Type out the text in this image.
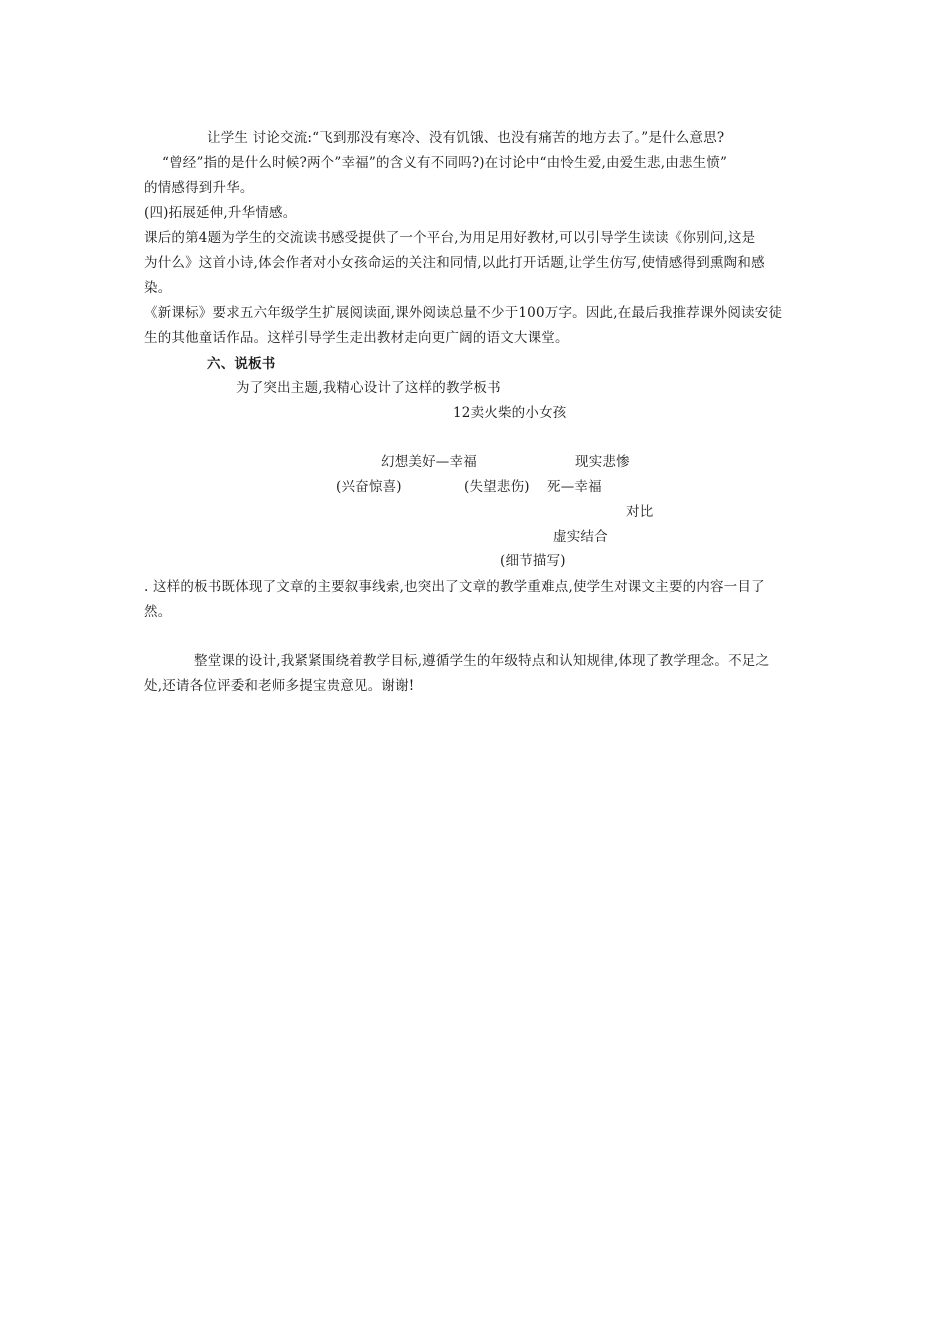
让学生 讨论交流:“飞到那没有寒冷、没有饥饿、也没有痛苦的地方去了。”是什么意思?
“曾经”指的是什么时候?两个”幸福”的含义有不同吗?)在讨论中“由怜生爱,由爱生悲,由悲生愤”
的情感得到升华。
(四)拓展延伸,升华情感。
课后的第4题为学生的交流读书感受提供了一个平台,为用足用好教材,可以引导学生读读《你别问,这是
为什么》这首小诗,体会作者对小女孩命运的关注和同情,以此打开话题,让学生仿写,使情感得到熏陶和感
染。
《新课标》要求五六年级学生扩展阅读面,课外阅读总量不少于100万字。因此,在最后我推荐课外阅读安徒
生的其他童话作品。这样引导学生走出教材走向更广阔的语文大课堂。
六、说板书
为了突出主题,我精心设计了这样的教学板书
12卖火柴的小女孩
幻想美好—幸福	现实悲惨
(兴奋惊喜)	(失望悲伤) 死—幸福
对比
虚实结合
(细节描写)
. 这样的板书既体现了文章的主要叙事线索,也突出了文章的教学重难点,使学生对课文主要的内容一目了
然。
整堂课的设计,我紧紧围绕着教学目标,遵循学生的年级特点和认知规律,体现了教学理念。不足之
处,还请各位评委和老师多提宝贵意见。谢谢!
